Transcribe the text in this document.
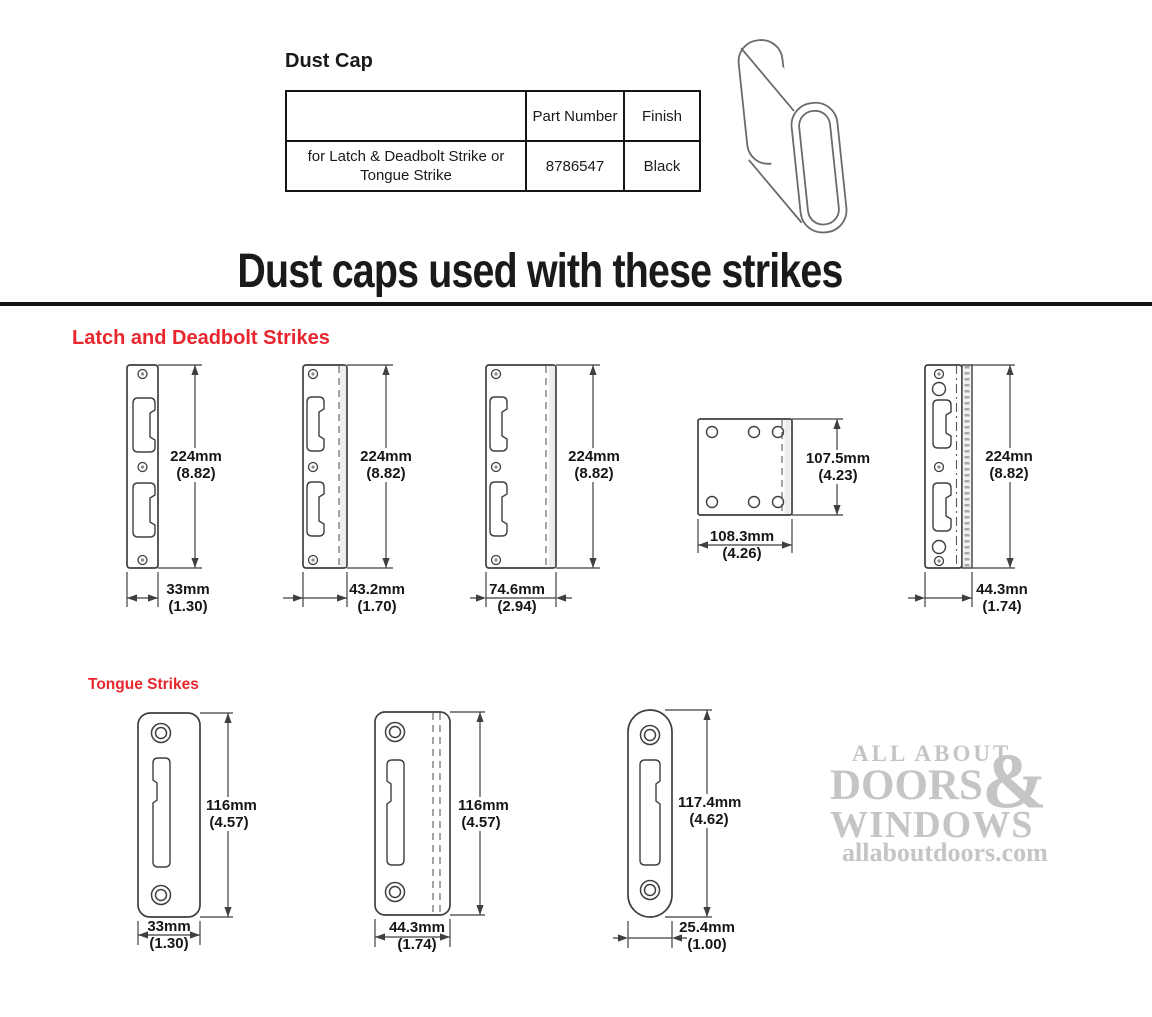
Dust Cap
	Part Number	Finish
for Latch & Deadbolt Strike or Tongue Strike	8786547	Black
Dust caps used with these strikes
Latch and Deadbolt Strikes
224mm
(8.82)
33mm
(1.30)
224mm
(8.82)
43.2mm
(1.70)
224mm
(8.82)
74.6mm
(2.94)
107.5mm
(4.23)
108.3mm
(4.26)
224mn
(8.82)
44.3mn
(1.74)
Tongue Strikes
116mm
(4.57)
33mm
(1.30)
116mm
(4.57)
44.3mm
(1.74)
117.4mm
(4.62)
25.4mm
(1.00)
ALL ABOUT
DOORS &
WINDOWS
allaboutdoors.com
